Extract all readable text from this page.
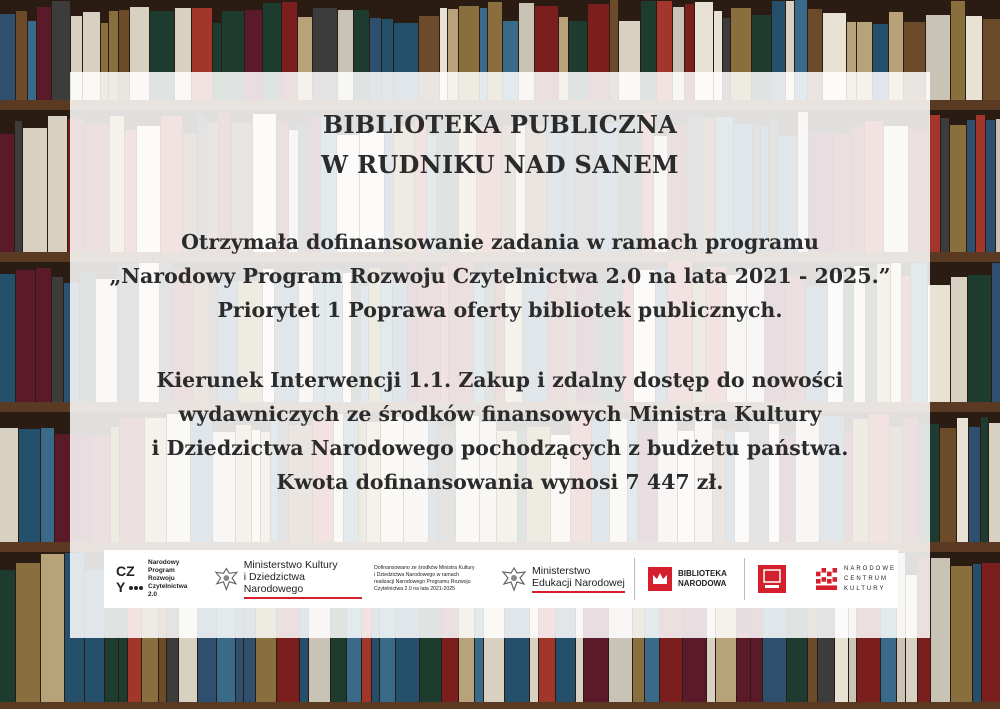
BIBLIOTEKA PUBLICZNA
W RUDNIKU NAD SANEM
Otrzymała dofinansowanie zadania w ramach programu
„Narodowy Program Rozwoju Czytelnictwa 2.0 na lata 2021 - 2025.”
Priorytet 1 Poprawa oferty bibliotek publicznych.
Kierunek Interwencji 1.1. Zakup i zdalny dostęp do nowości
wydawniczych ze środków finansowych Ministra Kultury
i Dziedzictwa Narodowego pochodzących z budżetu państwa.
Kwota dofinansowania wynosi 7 447 zł.
CZ
Y
Narodowy
Program
Rozwoju
Czytelnictwa
2.0
Ministerstwo Kultury
i Dziedzictwa Narodowego
Dofinansowano ze środków Ministra Kultury
i Dziedzictwa Narodowego w ramach
realizacji Narodowego Programu Rozwoju
Czytelnictwa 2.0 na lata 2021-2025
Ministerstwo
Edukacji Narodowej
BIBLIOTEKA
NARODOWA
NARODOWE
CENTRUM
KULTURY
